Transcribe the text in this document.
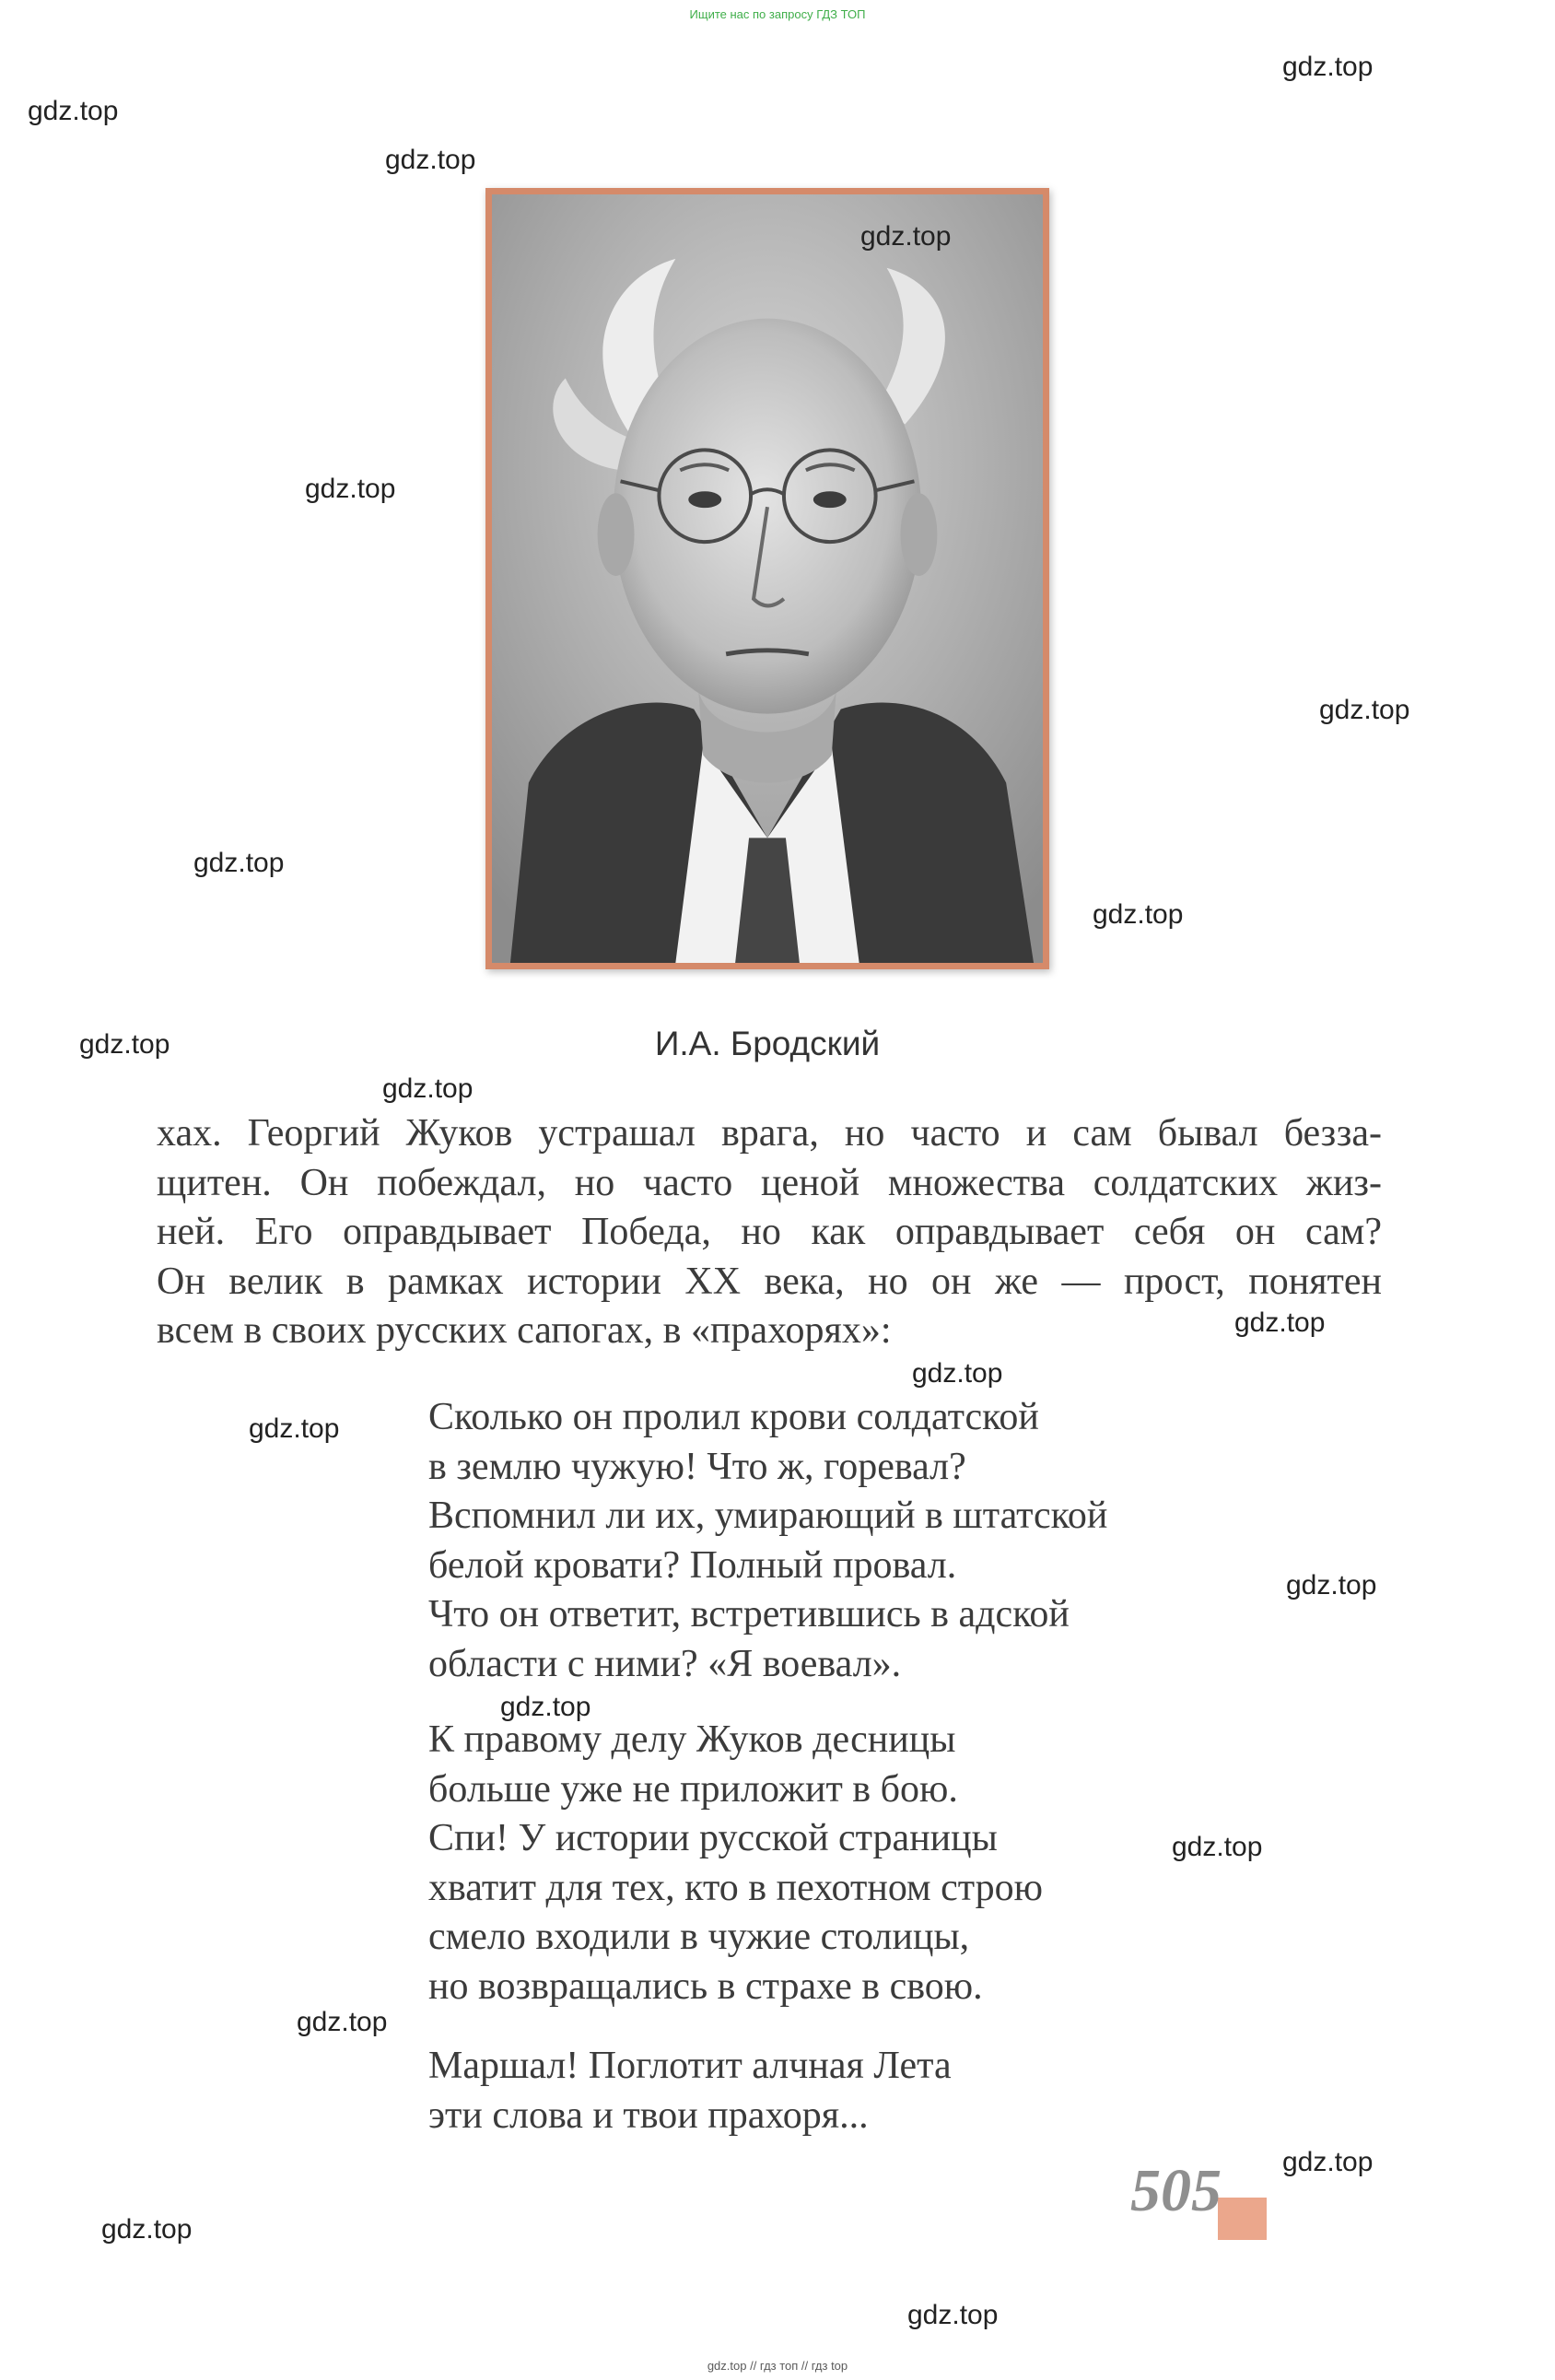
Ищите нас по запросу ГДЗ ТОП
gdz.top
gdz.top
gdz.top
gdz.top
gdz.top
gdz.top
gdz.top
gdz.top
gdz.top
gdz.top
gdz.top
gdz.top
gdz.top
gdz.top
gdz.top
gdz.top
gdz.top
gdz.top
gdz.top
И.А. Бродский
хах. Георгий Жуков устрашал врага, но часто и сам бывал безза-
щитен. Он побеждал, но часто ценой множества солдатских жиз-
ней. Его оправдывает Победа, но как оправдывает себя он сам?
Он велик в рамках истории XX века, но он же — прост, понятен
всем в своих русских сапогах, в «прахорях»:
Сколько он пролил крови солдатской
в землю чужую! Что ж, горевал?
Вспомнил ли их, умирающий в штатской
белой кровати? Полный провал.
Что он ответит, встретившись в адской
области с ними? «Я воевал».
К правому делу Жуков десницы
больше уже не приложит в бою.
Спи! У истории русской страницы
хватит для тех, кто в пехотном строю
смело входили в чужие столицы,
но возвращались в страхе в свою.
Маршал! Поглотит алчная Лета
эти слова и твои прахоря...
505
gdz.top
gdz.top // гдз топ // гдз top
